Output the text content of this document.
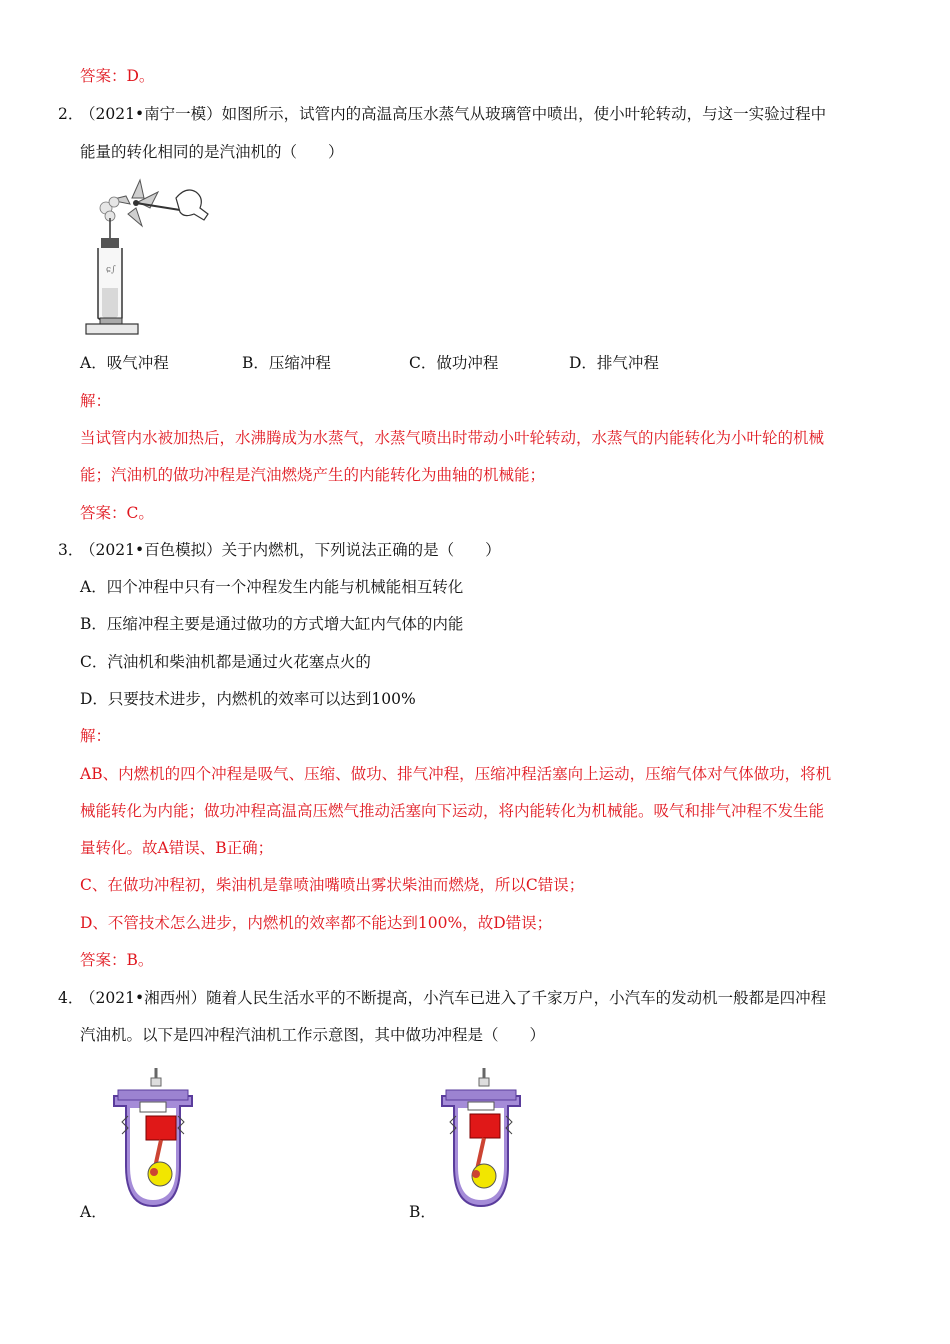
答案：D。
2．
（2021•南宁一模）如图所示，试管内的高温高压水蒸气从玻璃管中喷出，使小叶轮转动，与这一实验过程中
能量的转化相同的是汽油机的（　　）
ɕ∫
A．吸气冲程	B．压缩冲程	C．做功冲程	D．排气冲程
解：
当试管内水被加热后，水沸腾成为水蒸气，水蒸气喷出时带动小叶轮转动，水蒸气的内能转化为小叶轮的机械
能；汽油机的做功冲程是汽油燃烧产生的内能转化为曲轴的机械能；
答案：C。
3．
（2021•百色模拟）关于内燃机，下列说法正确的是（　　）
A．四个冲程中只有一个冲程发生内能与机械能相互转化
B．压缩冲程主要是通过做功的方式增大缸内气体的内能
C．汽油机和柴油机都是通过火花塞点火的
D．只要技术进步，内燃机的效率可以达到100%
解：
AB、内燃机的四个冲程是吸气、压缩、做功、排气冲程，压缩冲程活塞向上运动，压缩气体对气体做功，将机
械能转化为内能；做功冲程高温高压燃气推动活塞向下运动，将内能转化为机械能。吸气和排气冲程不发生能
量转化。故A错误、B正确；
C、在做功冲程初，柴油机是靠喷油嘴喷出雾状柴油而燃烧，所以C错误；
D、不管技术怎么进步，内燃机的效率都不能达到100%，故D错误；
答案：B。
4．
（2021•湘西州）随着人民生活水平的不断提高，小汽车已进入了千家万户，小汽车的发动机一般都是四冲程
汽油机。以下是四冲程汽油机工作示意图，其中做功冲程是（　　）
A．	B．
